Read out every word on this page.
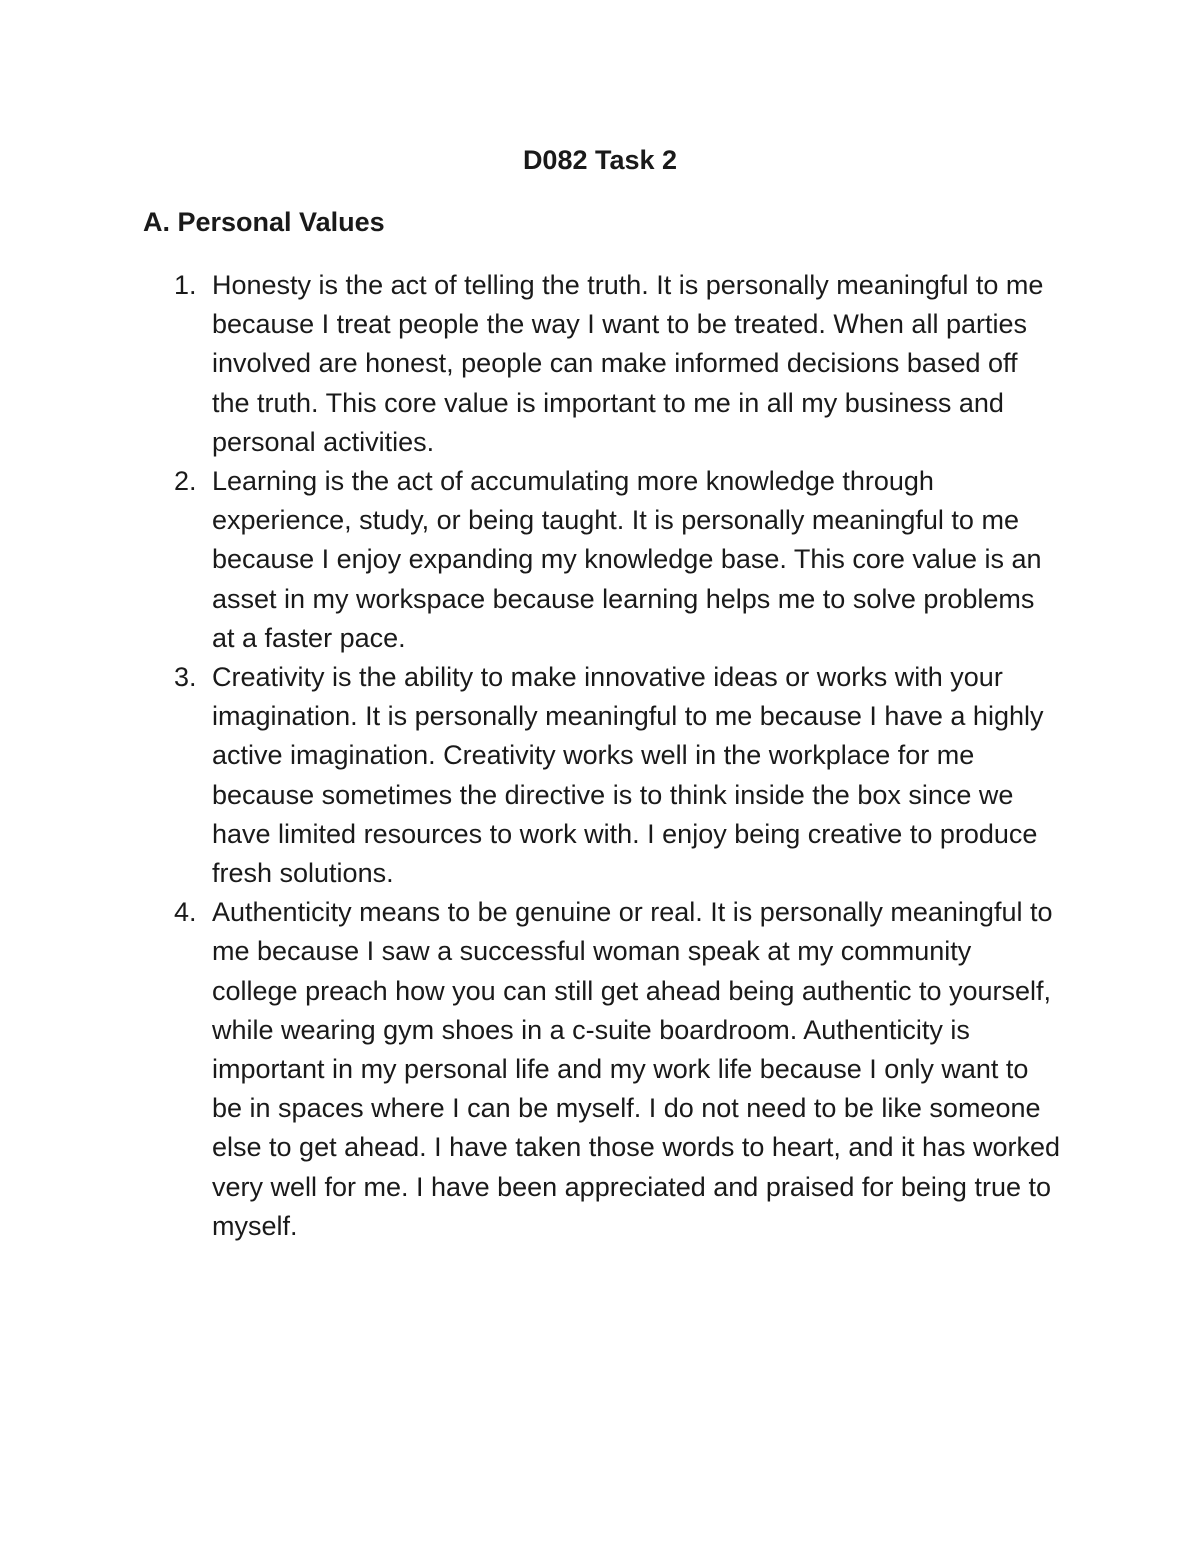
D082 Task 2
A. Personal Values
1. Honesty is the act of telling the truth. It is personally meaningful to me because I treat people the way I want to be treated. When all parties involved are honest, people can make informed decisions based off the truth. This core value is important to me in all my business and personal activities.
2. Learning is the act of accumulating more knowledge through experience, study, or being taught. It is personally meaningful to me because I enjoy expanding my knowledge base. This core value is an asset in my workspace because learning helps me to solve problems at a faster pace.
3. Creativity is the ability to make innovative ideas or works with your imagination. It is personally meaningful to me because I have a highly active imagination. Creativity works well in the workplace for me because sometimes the directive is to think inside the box since we have limited resources to work with. I enjoy being creative to produce fresh solutions.
4. Authenticity means to be genuine or real. It is personally meaningful to me because I saw a successful woman speak at my community college preach how you can still get ahead being authentic to yourself, while wearing gym shoes in a c-suite boardroom. Authenticity is important in my personal life and my work life because I only want to be in spaces where I can be myself. I do not need to be like someone else to get ahead. I have taken those words to heart, and it has worked very well for me. I have been appreciated and praised for being true to myself.
